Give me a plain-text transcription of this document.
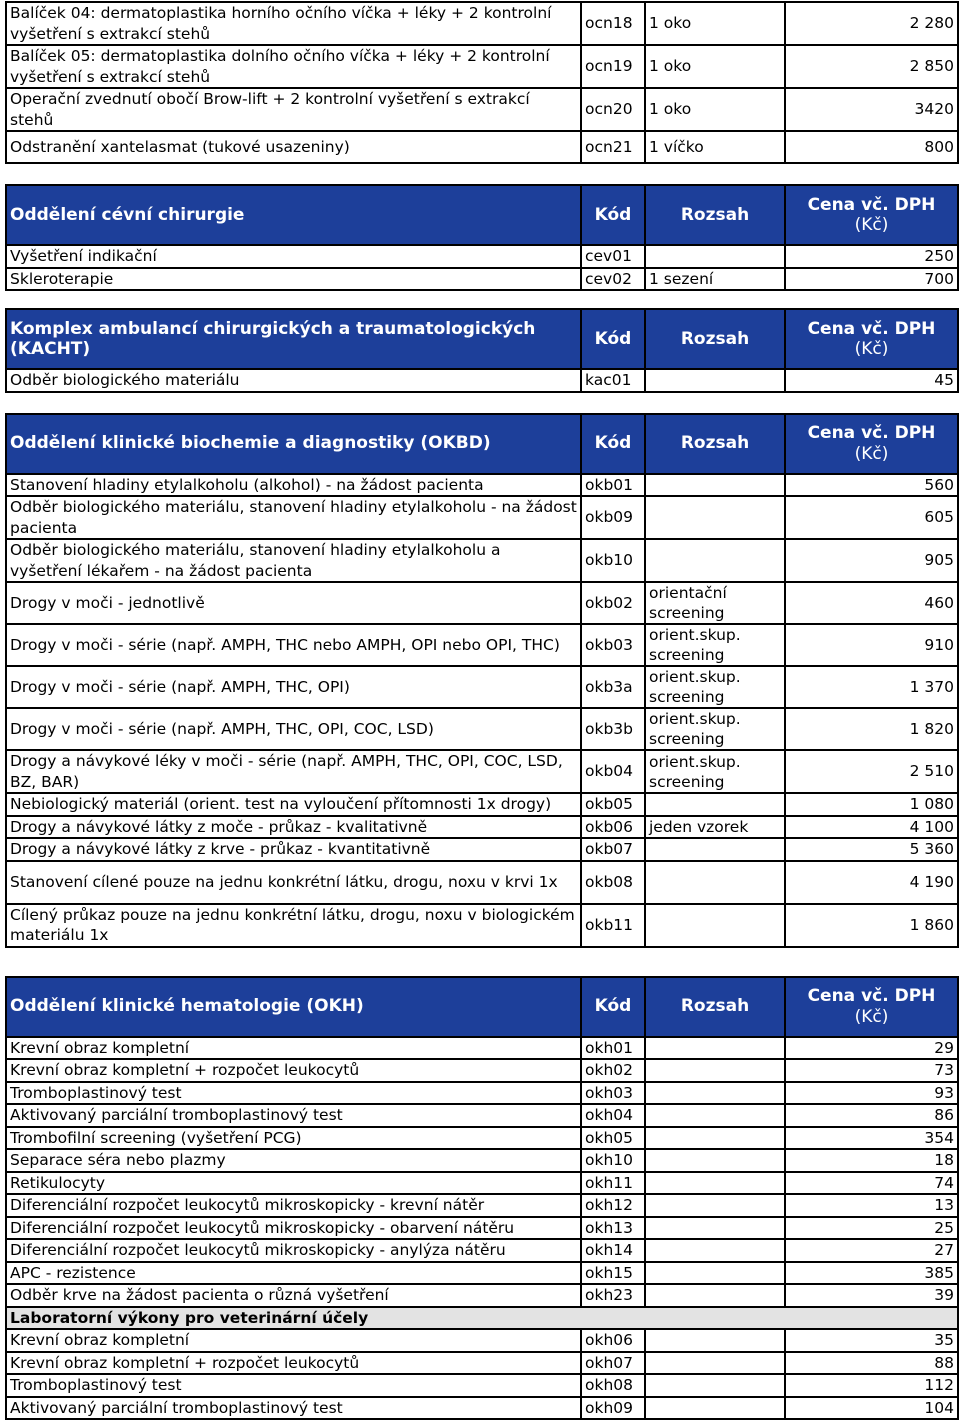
Balíček 04: dermatoplastika horního očního víčka + léky + 2 kontrolní vyšetření s extrakcí stehů	ocn18	1 oko	2 280
Balíček 05: dermatoplastika dolního očního víčka + léky + 2 kontrolní vyšetření s extrakcí stehů	ocn19	1 oko	2 850
Operační zvednutí obočí Brow-lift + 2 kontrolní vyšetření s extrakcí stehů	ocn20	1 oko	3420
Odstranění xantelasmat (tukové usazeniny)	ocn21	1 víčko	800
Oddělení cévní chirurgie	Kód	Rozsah	Cena vč. DPH
(Kč)

Vyšetření indikační	cev01		250
Skleroterapie	cev02	1 sezení	700
Komplex ambulancí chirurgických a traumatologických (KACHT)	Kód	Rozsah	Cena vč. DPH
(Kč)

Odběr biologického materiálu	kac01		45
Oddělení klinické biochemie a diagnostiky (OKBD)	Kód	Rozsah	Cena vč. DPH
(Kč)

Stanovení hladiny etylalkoholu (alkohol) - na žádost pacienta	okb01		560
Odběr biologického materiálu, stanovení hladiny etylalkoholu - na žádost pacienta	okb09		605
Odběr biologického materiálu, stanovení hladiny etylalkoholu a vyšetření lékařem - na žádost pacienta	okb10		905
Drogy v moči - jednotlivě	okb02	orientační screening	460
Drogy v moči - série (např. AMPH, THC nebo AMPH, OPI nebo OPI, THC)	okb03	orient.skup. screening	910
Drogy v moči - série (např. AMPH, THC, OPI)	okb3a	orient.skup. screening	1 370
Drogy v moči - série (např. AMPH, THC, OPI, COC, LSD)	okb3b	orient.skup. screening	1 820
Drogy a návykové léky v moči - série (např. AMPH, THC, OPI, COC, LSD, BZ, BAR)	okb04	orient.skup. screening	2 510
Nebiologický materiál (orient. test na vyloučení přítomnosti 1x drogy)	okb05		1 080
Drogy a návykové látky z moče - průkaz - kvalitativně	okb06	jeden vzorek	4 100
Drogy a návykové látky z krve - průkaz - kvantitativně	okb07		5 360
Stanovení cílené pouze na jednu konkrétní látku, drogu, noxu v krvi 1x	okb08		4 190
Cílený průkaz pouze na jednu konkrétní látku, drogu, noxu v biologickém materiálu 1x	okb11		1 860
Oddělení klinické hematologie (OKH)	Kód	Rozsah	Cena vč. DPH
(Kč)

Krevní obraz kompletní	okh01		29
Krevní obraz kompletní + rozpočet leukocytů	okh02		73
Tromboplastinový test	okh03		93
Aktivovaný parciální tromboplastinový test	okh04		86
Trombofilní screening (vyšetření PCG)	okh05		354
Separace séra nebo plazmy	okh10		18
Retikulocyty	okh11		74
Diferenciální rozpočet leukocytů mikroskopicky - krevní nátěr	okh12		13
Diferenciální rozpočet leukocytů mikroskopicky - obarvení nátěru	okh13		25
Diferenciální rozpočet leukocytů mikroskopicky - anylýza nátěru	okh14		27
APC - rezistence	okh15		385
Odběr krve na žádost pacienta o různá vyšetření	okh23		39
Laboratorní výkony pro veterinární účely			
Krevní obraz kompletní	okh06		35
Krevní obraz kompletní + rozpočet leukocytů	okh07		88
Tromboplastinový test	okh08		112
Aktivovaný parciální tromboplastinový test	okh09		104
